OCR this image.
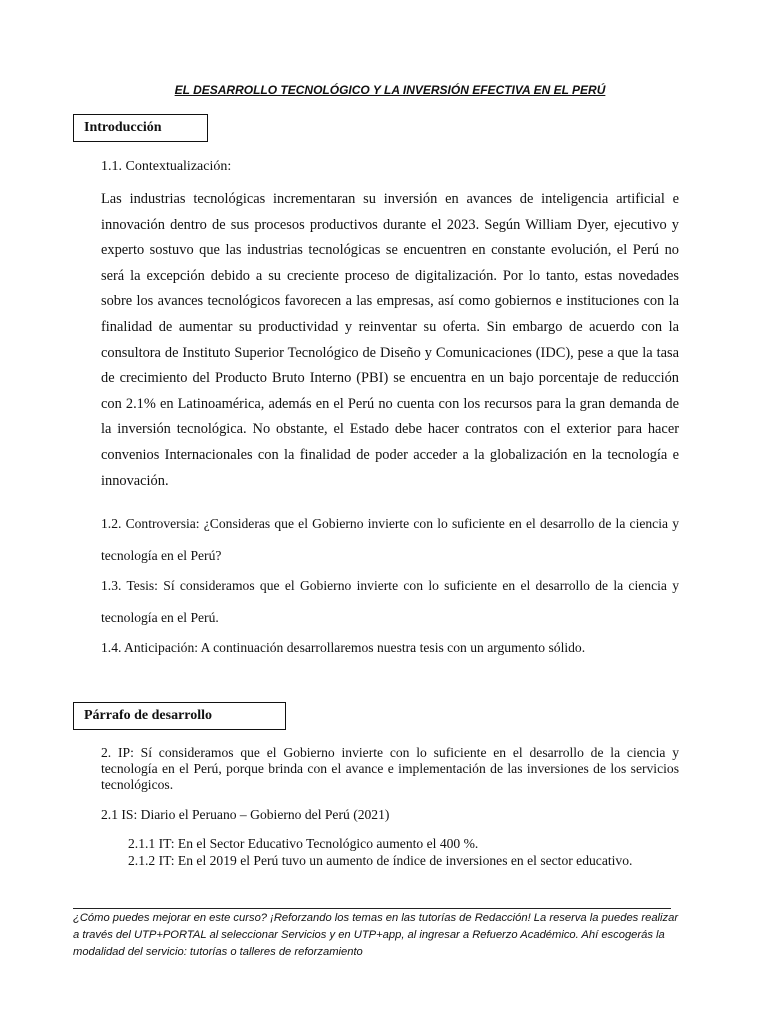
EL DESARROLLO TECNOLÓGICO Y LA INVERSIÓN EFECTIVA EN EL PERÚ
Introducción
1.1. Contextualización:

Las industrias tecnológicas incrementaran su inversión en avances de inteligencia artificial e innovación dentro de sus procesos productivos durante el 2023. Según William Dyer, ejecutivo y experto sostuvo que las industrias tecnológicas se encuentren en constante evolución, el Perú no será la excepción debido a su creciente proceso de digitalización. Por lo tanto, estas novedades sobre los avances tecnológicos favorecen a las empresas, así como gobiernos e instituciones con la finalidad de aumentar su productividad y reinventar su oferta. Sin embargo de acuerdo con la consultora de Instituto Superior Tecnológico de Diseño y Comunicaciones (IDC), pese a que la tasa de crecimiento del Producto Bruto Interno (PBI) se encuentra en un bajo porcentaje de reducción con 2.1% en Latinoamérica, además en el Perú no cuenta con los recursos para la gran demanda de la inversión tecnológica. No obstante, el Estado debe hacer contratos con el exterior para hacer convenios Internacionales con la finalidad de poder acceder a la globalización en la tecnología e innovación.

1.2. Controversia: ¿Consideras que el Gobierno invierte con lo suficiente en el desarrollo de la ciencia y tecnología en el Perú?

1.3. Tesis: Sí consideramos que el Gobierno invierte con lo suficiente en el desarrollo de la ciencia y tecnología en el Perú.

1.4. Anticipación: A continuación desarrollaremos nuestra tesis con un argumento sólido.

Párrafo de desarrollo

2. IP: Sí consideramos que el Gobierno invierte con lo suficiente en el desarrollo de la ciencia y tecnología en el Perú, porque brinda con el avance e implementación de las inversiones de los servicios tecnológicos.

2.1 IS: Diario el Peruano – Gobierno del Perú (2021)
2.1.1 IT: En el Sector Educativo Tecnológico aumento el 400 %.
2.1.2 IT: En el 2019 el Perú tuvo un aumento de índice de inversiones en el sector educativo.

¿Cómo puedes mejorar en este curso? ¡Reforzando los temas en las tutorías de Redacción! La reserva la puedes realizar a través del UTP+PORTAL al seleccionar Servicios y en UTP+app, al ingresar a Refuerzo Académico. Ahí escogerás la modalidad del servicio: tutorías o talleres de reforzamiento
